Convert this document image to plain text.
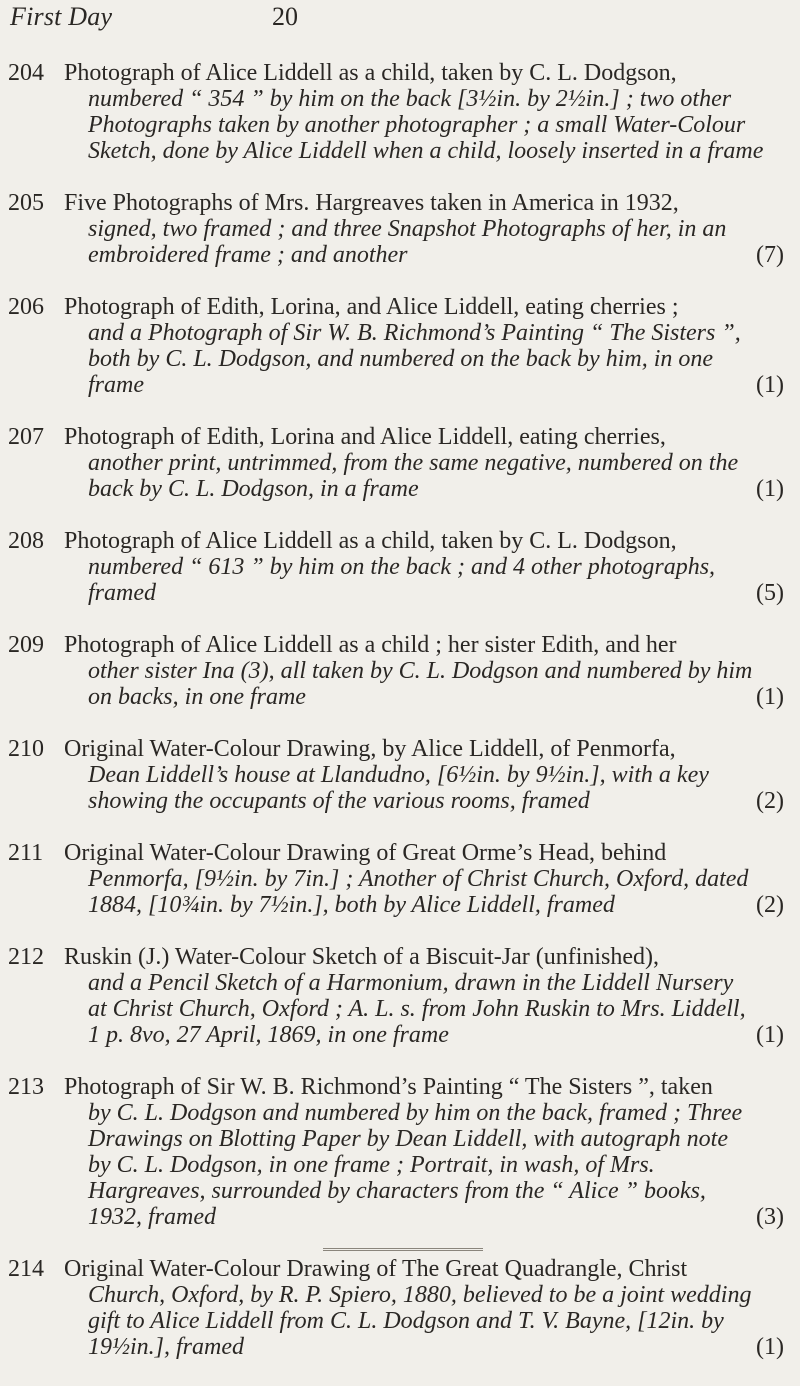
First Day	20
204 Photograph of Alice Liddell as a child, taken by C. L. Dodgson,
numbered “ 354 ” by him on the back [3½in. by 2½in.] ; two other Photographs taken by another photographer ; a small Water-Colour Sketch, done by Alice Liddell when a child, loosely inserted in a frame
205 Five Photographs of Mrs. Hargreaves taken in America in 1932,
signed, two framed ; and three Snapshot Photographs of her, in an embroidered frame ; and another	(7)
206 Photograph of Edith, Lorina, and Alice Liddell, eating cherries ;
and a Photograph of Sir W. B. Richmond’s Painting “ The Sisters ”, both by C. L. Dodgson, and numbered on the back by him, in one frame	(1)
207 Photograph of Edith, Lorina and Alice Liddell, eating cherries,
another print, untrimmed, from the same negative, numbered on the back by C. L. Dodgson, in a frame	(1)
208 Photograph of Alice Liddell as a child, taken by C. L. Dodgson,
numbered “ 613 ” by him on the back ; and 4 other photographs, framed	(5)
209 Photograph of Alice Liddell as a child ; her sister Edith, and her
other sister Ina (3), all taken by C. L. Dodgson and numbered by him on backs, in one frame	(1)
210 Original Water-Colour Drawing, by Alice Liddell, of Penmorfa,
Dean Liddell’s house at Llandudno, [6½in. by 9½in.], with a key showing the occupants of the various rooms, framed	(2)
211 Original Water-Colour Drawing of Great Orme’s Head, behind
Penmorfa, [9½in. by 7in.] ; Another of Christ Church, Oxford, dated 1884, [10¾in. by 7½in.], both by Alice Liddell, framed	(2)
212 Ruskin (J.) Water-Colour Sketch of a Biscuit-Jar (unfinished),
and a Pencil Sketch of a Harmonium, drawn in the Liddell Nursery at Christ Church, Oxford ; A. L. s. from John Ruskin to Mrs. Liddell, 1 p. 8vo, 27 April, 1869, in one frame	(1)
213 Photograph of Sir W. B. Richmond’s Painting “ The Sisters ”, taken
by C. L. Dodgson and numbered by him on the back, framed ; Three Drawings on Blotting Paper by Dean Liddell, with autograph note by C. L. Dodgson, in one frame ; Portrait, in wash, of Mrs. Hargreaves, surrounded by characters from the “ Alice ” books, 1932, framed	(3)
214 Original Water-Colour Drawing of The Great Quadrangle, Christ
Church, Oxford, by R. P. Spiero, 1880, believed to be a joint wedding gift to Alice Liddell from C. L. Dodgson and T. V. Bayne, [12in. by 19½in.], framed	(1)
